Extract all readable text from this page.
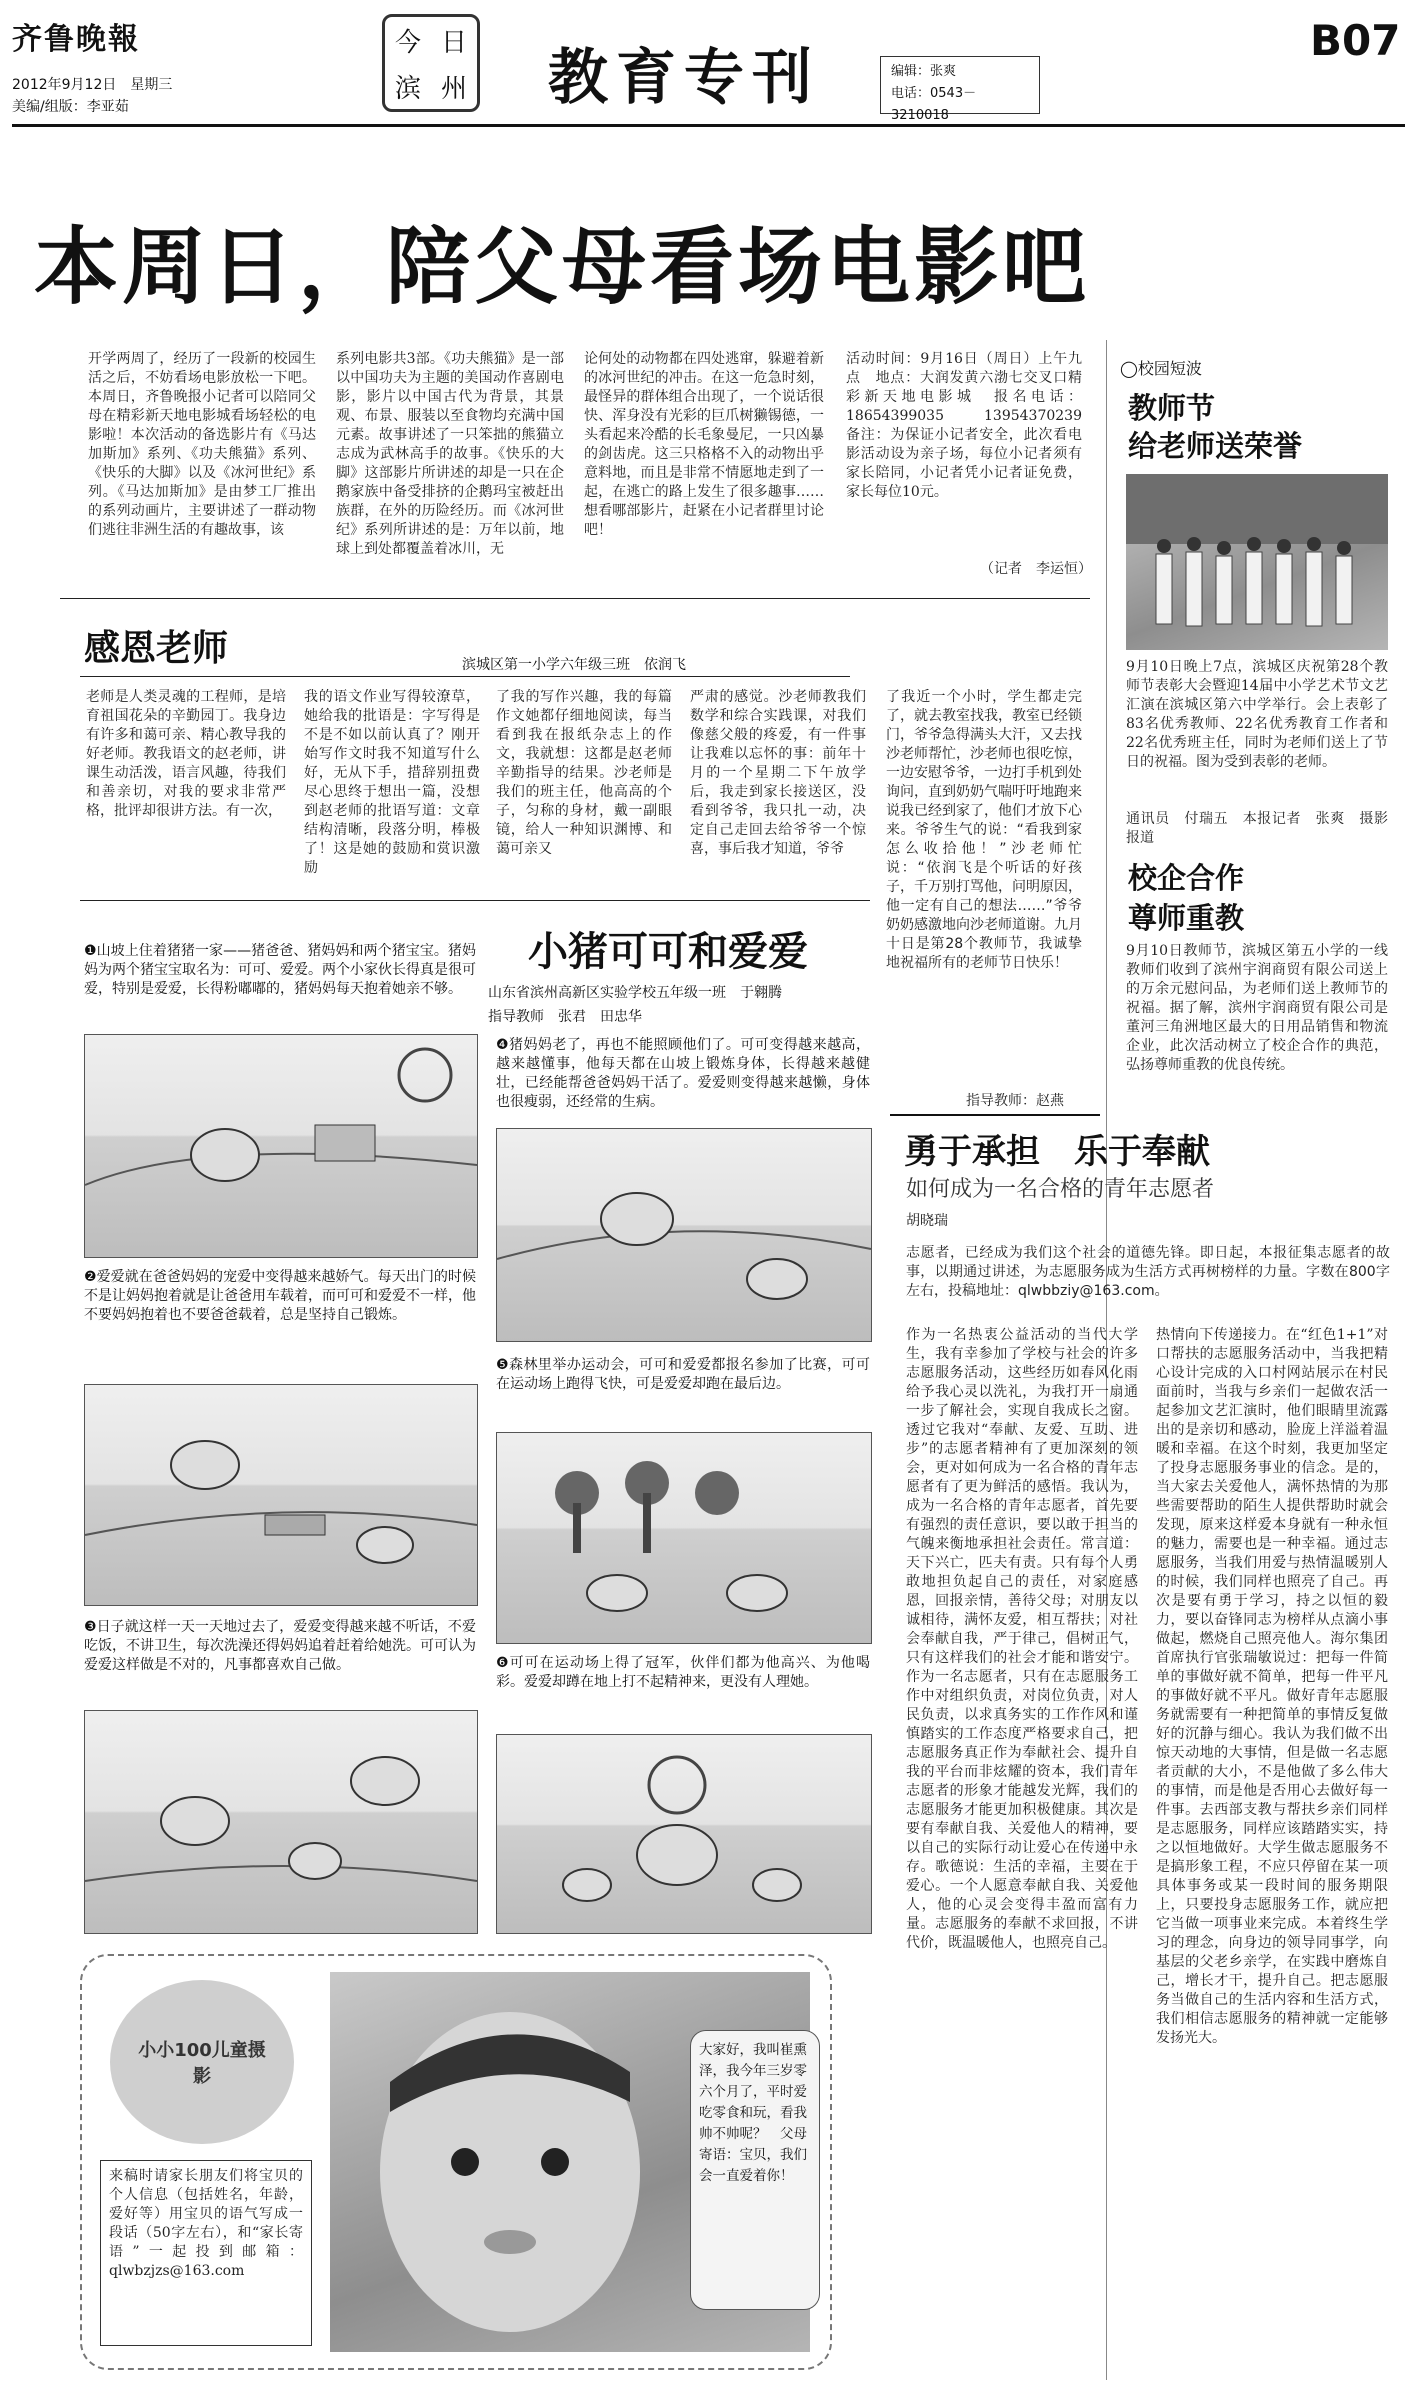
齐鲁晚報
2012年9月12日　星期三
美编/组版：李亚茹
今 日
滨 州 教育专刊	编辑：张爽
电话：0543－3210018
B07
本周日，陪父母看场电影吧

开学两周了，经历了一段新的校园生活之后，不妨看场电影放松一下吧。本周日，齐鲁晚报小记者可以陪同父母在精彩新天地电影城看场轻松的电影啦！本次活动的备选影片有《马达加斯加》系列、《功夫熊猫》系列、《快乐的大脚》以及《冰河世纪》系列。《马达加斯加》是由梦工厂推出的系列动画片，主要讲述了一群动物们逃往非洲生活的有趣故事，该

系列电影共3部。《功夫熊猫》是一部以中国功夫为主题的美国动作喜剧电影，影片以中国古代为背景，其景观、布景、服装以至食物均充满中国元素。故事讲述了一只笨拙的熊猫立志成为武林高手的故事。《快乐的大脚》这部影片所讲述的却是一只在企鹅家族中备受排挤的企鹅玛宝被赶出族群，在外的历险经历。而《冰河世纪》系列所讲述的是：万年以前，地球上到处都覆盖着冰川，无

论何处的动物都在四处逃窜，躲避着新的冰河世纪的冲击。在这一危急时刻，最怪异的群体组合出现了，一个说话很快、浑身没有光彩的巨爪树獭锡德，一头看起来冷酷的长毛象曼尼，一只凶暴的剑齿虎。这三只格格不入的动物出乎意料地，而且是非常不情愿地走到了一起，在逃亡的路上发生了很多趣事……想看哪部影片，赶紧在小记者群里讨论吧！

活动时间：9月16日（周日）上午九点　地点：大润发黄六渤七交叉口精彩新天地电影城　报名电话：18654399035　13954370239　备注：为保证小记者安全，此次看电影活动设为亲子场，每位小记者须有家长陪同，小记者凭小记者证免费，家长每位10元。

（记者　李运恒）
◯校园短波
教师节
给老师送荣誉
9月10日晚上7点，滨城区庆祝第28个教师节表彰大会暨迎14届中小学艺术节文艺汇演在滨城区第六中学举行。会上表彰了83名优秀教师、22名优秀教育工作者和22名优秀班主任，同时为老师们送上了节日的祝福。图为受到表彰的老师。
通讯员　付瑞五　本报记者　张爽　摄影报道
校企合作
尊师重教
9月10日教师节，滨城区第五小学的一线教师们收到了滨州宇润商贸有限公司送上的万余元慰问品，为老师们送上教师节的祝福。据了解，滨州宇润商贸有限公司是董河三角洲地区最大的日用品销售和物流企业，此次活动树立了校企合作的典范，弘扬尊师重教的优良传统。
感恩老师	滨城区第一小学六年级三班　依润飞
老师是人类灵魂的工程师，是培育祖国花朵的辛勤园丁。我身边有许多和蔼可亲、精心教导我的好老师。教我语文的赵老师，讲课生动活泼，语言风趣，待我们和善亲切，对我的要求非常严格，批评却很讲方法。有一次，
我的语文作业写得较潦草，她给我的批语是：字写得是不是不如以前认真了？刚开始写作文时我不知道写什么好，无从下手，措辞别扭费尽心思终于想出一篇，没想到赵老师的批语写道：文章结构清晰，段落分明，棒极了！这是她的鼓励和赏识激励
了我的写作兴趣，我的每篇作文她都仔细地阅读，每当看到我在报纸杂志上的作文，我就想：这都是赵老师辛勤指导的结果。沙老师是我们的班主任，他高高的个子，匀称的身材，戴一副眼镜，给人一种知识渊博、和蔼可亲又
严肃的感觉。沙老师教我们数学和综合实践课，对我们像慈父般的疼爱，有一件事让我难以忘怀的事：前年十月的一个星期二下午放学后，我走到家长接送区，没看到爷爷，我只扎一动，决定自己走回去给爷爷一个惊喜，事后我才知道，爷爷
了我近一个小时，学生都走完了，就去教室找我，教室已经锁门，爷爷急得满头大汗，又去找沙老师帮忙，沙老师也很吃惊，一边安慰爷爷，一边打手机到处询问，直到奶奶气喘吁吁地跑来说我已经到家了，他们才放下心来。爷爷生气的说：“看我到家怎么收拾他！”沙老师忙说：“依润飞是个听话的好孩子，千万别打骂他，问明原因，他一定有自己的想法……”爷爷奶奶感激地向沙老师道谢。九月十日是第28个教师节，我诚挚地祝福所有的老师节日快乐！
指导教师：赵燕
小猪可可和爱爱
山东省滨州高新区实验学校五年级一班　于翱腾
指导教师　张君　田忠华
❶山坡上住着猪猪一家——猪爸爸、猪妈妈和两个猪宝宝。猪妈妈为两个猪宝宝取名为：可可、爱爱。两个小家伙长得真是很可爱，特别是爱爱，长得粉嘟嘟的，猪妈妈每天抱着她亲不够。
❹猪妈妈老了，再也不能照顾他们了。可可变得越来越高，越来越懂事，他每天都在山坡上锻炼身体，长得越来越健壮，已经能帮爸爸妈妈干活了。爱爱则变得越来越懒，身体也很瘦弱，还经常的生病。
❷爱爱就在爸爸妈妈的宠爱中变得越来越娇气。每天出门的时候不是让妈妈抱着就是让爸爸用车载着，而可可和爱爱不一样，他不要妈妈抱着也不要爸爸载着，总是坚持自己锻炼。
❺森林里举办运动会，可可和爱爱都报名参加了比赛，可可在运动场上跑得飞快，可是爱爱却跑在最后边。
❸日子就这样一天一天地过去了，爱爱变得越来越不听话，不爱吃饭，不讲卫生，每次洗澡还得妈妈追着赶着给她洗。可可认为爱爱这样做是不对的，凡事都喜欢自己做。	❻可可在运动场上得了冠军，伙伴们都为他高兴、为他喝彩。爱爱却蹲在地上打不起精神来，更没有人理她。
勇于承担　乐于奉献
如何成为一名合格的青年志愿者
胡晓瑞
志愿者，已经成为我们这个社会的道德先锋。即日起，本报征集志愿者的故事，以期通过讲述，为志愿服务成为生活方式再树榜样的力量。字数在800字左右，投稿地址：qlwbbziy@163.com。
作为一名热衷公益活动的当代大学生，我有幸参加了学校与社会的许多志愿服务活动，这些经历如春风化雨给予我心灵以洗礼，为我打开一扇通一步了解社会，实现自我成长之窗。透过它我对“奉献、友爱、互助、进步”的志愿者精神有了更加深刻的领会，更对如何成为一名合格的青年志愿者有了更为鲜活的感悟。我认为，成为一名合格的青年志愿者，首先要有强烈的责任意识，要以敢于担当的气魄来衡地承担社会责任。常言道：天下兴亡，匹夫有责。只有每个人勇敢地担负起自己的责任，对家庭感恩，回报亲情，善待父母；对朋友以诚相待，满怀友爱，相互帮扶；对社会奉献自我，严于律己，倡树正气，只有这样我们的社会才能和谐安宁。作为一名志愿者，只有在志愿服务工作中对组织负责，对岗位负责，对人民负责，以求真务实的工作作风和谨慎踏实的工作态度严格要求自己，把志愿服务真正作为奉献社会、提升自我的平台而非炫耀的资本，我们青年志愿者的形象才能越发光辉，我们的志愿服务才能更加积极健康。其次是要有奉献自我、关爱他人的精神，要以自己的实际行动让爱心在传递中永存。歌德说：生活的幸福，主要在于爱心。一个人愿意奉献自我、关爱他人，他的心灵会变得丰盈而富有力量。志愿服务的奉献不求回报，不讲代价，既温暖他人，也照亮自己。
热情向下传递接力。在“红色1+1”对口帮扶的志愿服务活动中，当我把精心设计完成的入口村网站展示在村民面前时，当我与乡亲们一起做农活一起参加文艺汇演时，他们眼睛里流露出的是亲切和感动，脸庞上洋溢着温暖和幸福。在这个时刻，我更加坚定了投身志愿服务事业的信念。是的，当大家去关爱他人，满怀热情的为那些需要帮助的陌生人提供帮助时就会发现，原来这样爱本身就有一种永恒的魅力，需要也是一种幸福。通过志愿服务，当我们用爱与热情温暖别人的时候，我们同样也照亮了自己。再次是要有勇于学习，持之以恒的毅力，要以奋锋同志为榜样从点滴小事做起，燃烧自己照亮他人。海尔集团首席执行官张瑞敏说过：把每一件简单的事做好就不简单，把每一件平凡的事做好就不平凡。做好青年志愿服务就需要有一种把简单的事情反复做好的沉静与细心。我认为我们做不出惊天动地的大事情，但是做一名志愿者贡献的大小，不是他做了多么伟大的事情，而是他是否用心去做好每一件事。去西部支教与帮扶乡亲们同样是志愿服务，同样应该踏踏实实，持之以恒地做好。大学生做志愿服务不是搞形象工程，不应只停留在某一项具体事务或某一段时间的服务期限上，只要投身志愿服务工作，就应把它当做一项事业来完成。本着终生学习的理念，向身边的领导同事学，向基层的父老乡亲学，在实践中磨炼自己，增长才干，提升自己。把志愿服务当做自己的生活内容和生活方式，我们相信志愿服务的精神就一定能够发扬光大。
小小100儿童摄影
来稿时请家长朋友们将宝贝的个人信息（包括姓名，年龄，爱好等）用宝贝的语气写成一段话（50字左右），和“家长寄语”一起投到邮箱：qlwbzjzs@163.com
大家好，我叫崔熏泽，我今年三岁零六个月了，平时爱吃零食和玩，看我帅不帅呢？　父母寄语：宝贝，我们会一直爱着你！
